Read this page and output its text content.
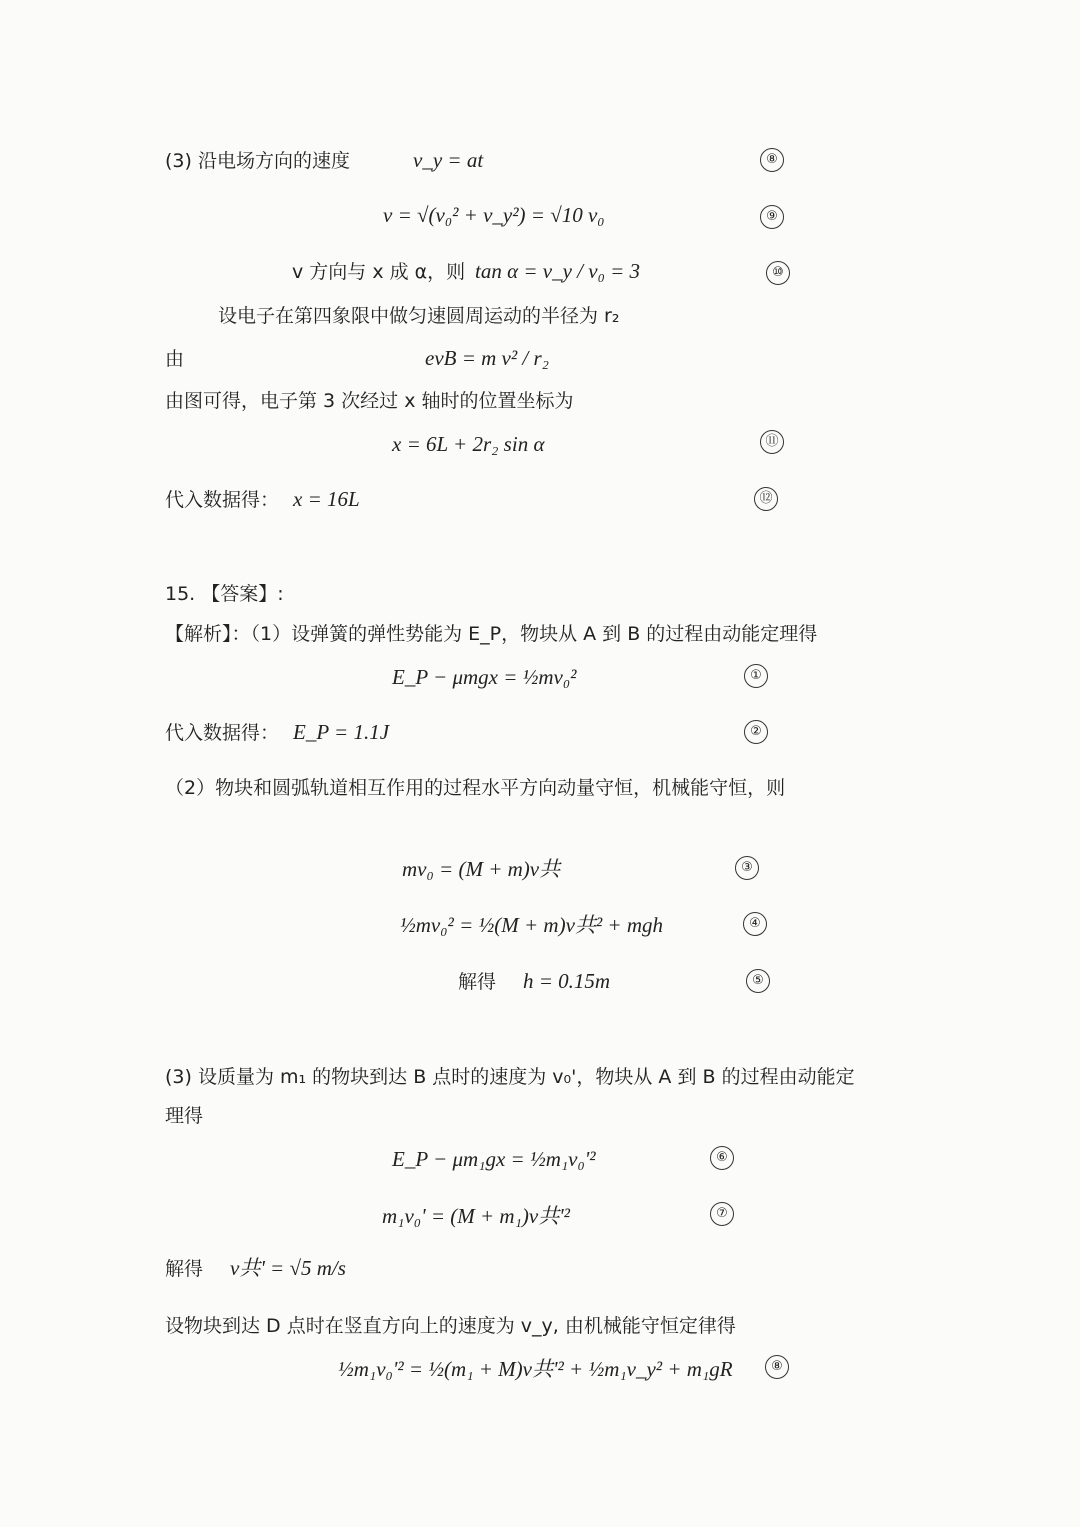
(3) 沿电场方向的速度	v_y = at	⑧
v = √(v₀² + v_y²) = √10 v₀	⑨
v 方向与 x 成 α，则 tan α = v_y / v₀ = 3	⑩
设电子在第四象限中做匀速圆周运动的半径为 r₂
由	evB = m v² / r₂
由图可得，电子第 3 次经过 x 轴时的位置坐标为
x = 6L + 2r₂ sin α	⑪
代入数据得： x = 16L	⑫
15. 【答案】:
【解析】：（1）设弹簧的弹性势能为 E_P，物块从 A 到 B 的过程由动能定理得
E_P − μmgx = ½mv₀²	①
代入数据得： E_P = 1.1J	②
（2）物块和圆弧轨道相互作用的过程水平方向动量守恒，机械能守恒，则
mv₀ = (M + m)v共	③
½mv₀² = ½(M + m)v共² + mgh	④
解得 h = 0.15m	⑤
(3) 设质量为 m₁ 的物块到达 B 点时的速度为 v₀'，物块从 A 到 B 的过程由动能定
理得
E_P − μm₁gx = ½m₁v₀'²	⑥
m₁v₀' = (M + m₁)v共'²	⑦
解得 v共' = √5 m/s
设物块到达 D 点时在竖直方向上的速度为 v_y, 由机械能守恒定律得
½m₁v₀'² = ½(m₁ + M)v共'² + ½m₁v_y² + m₁gR	⑧
